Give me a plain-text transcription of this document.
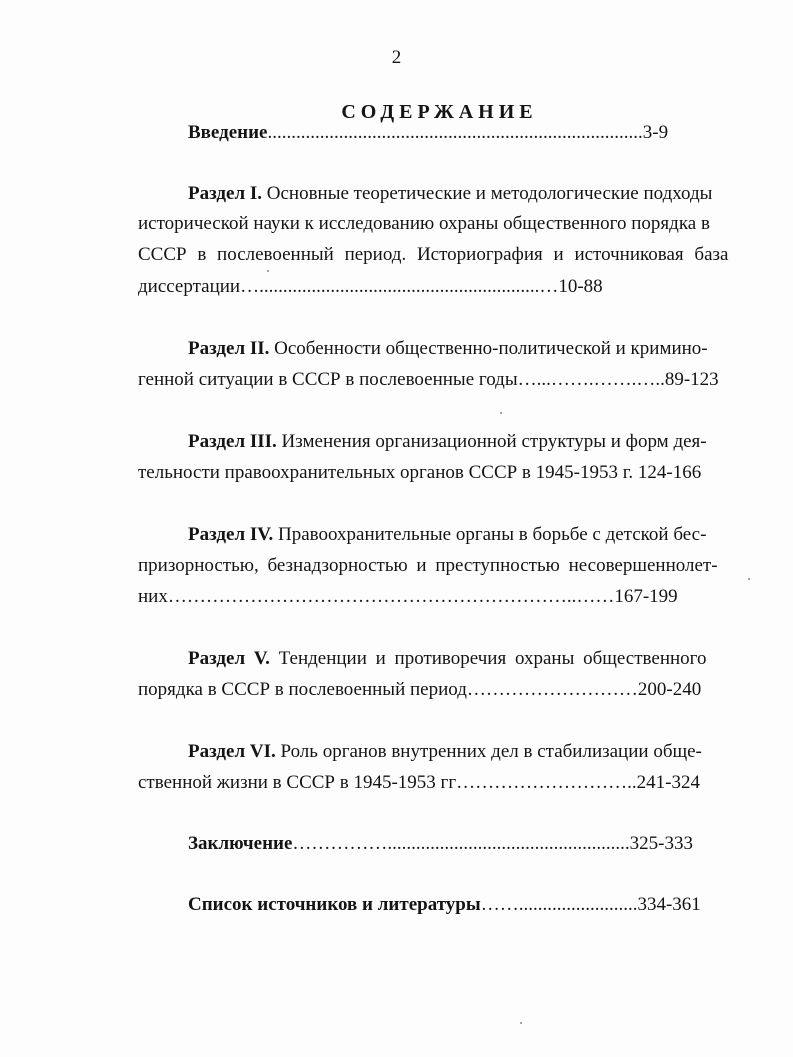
2
СОДЕРЖАНИЕ
Введение...............................................................................3-9
Раздел I. Основные теоретические и методологические подходы
исторической науки к исследованию охраны общественного порядка в
СССР в послевоенный период. Историография и источниковая база
диссертации…...........................................................…10-88
Раздел II. Особенности общественно-политической и кримино-
генной ситуации в СССР в послевоенные годы…...…….…….…..89-123
Раздел III. Изменения организационной структуры и форм дея-
тельности правоохранительных органов СССР в 1945-1953 г. 124-166
Раздел IV. Правоохранительные органы в борьбе с детской бес-
призорностью, безнадзорностью и преступностью несовершеннолет-
них………………………………………………………..……167-199
Раздел V. Тенденции и противоречия охраны общественного
порядка в СССР в послевоенный период………………………200-240
Раздел VI. Роль органов внутренних дел в стабилизации обще-
ственной жизни в СССР в 1945-1953 гг………………………..241-324
Заключение……………...................................................325-333
Список источников и литературы…….........................334-361
